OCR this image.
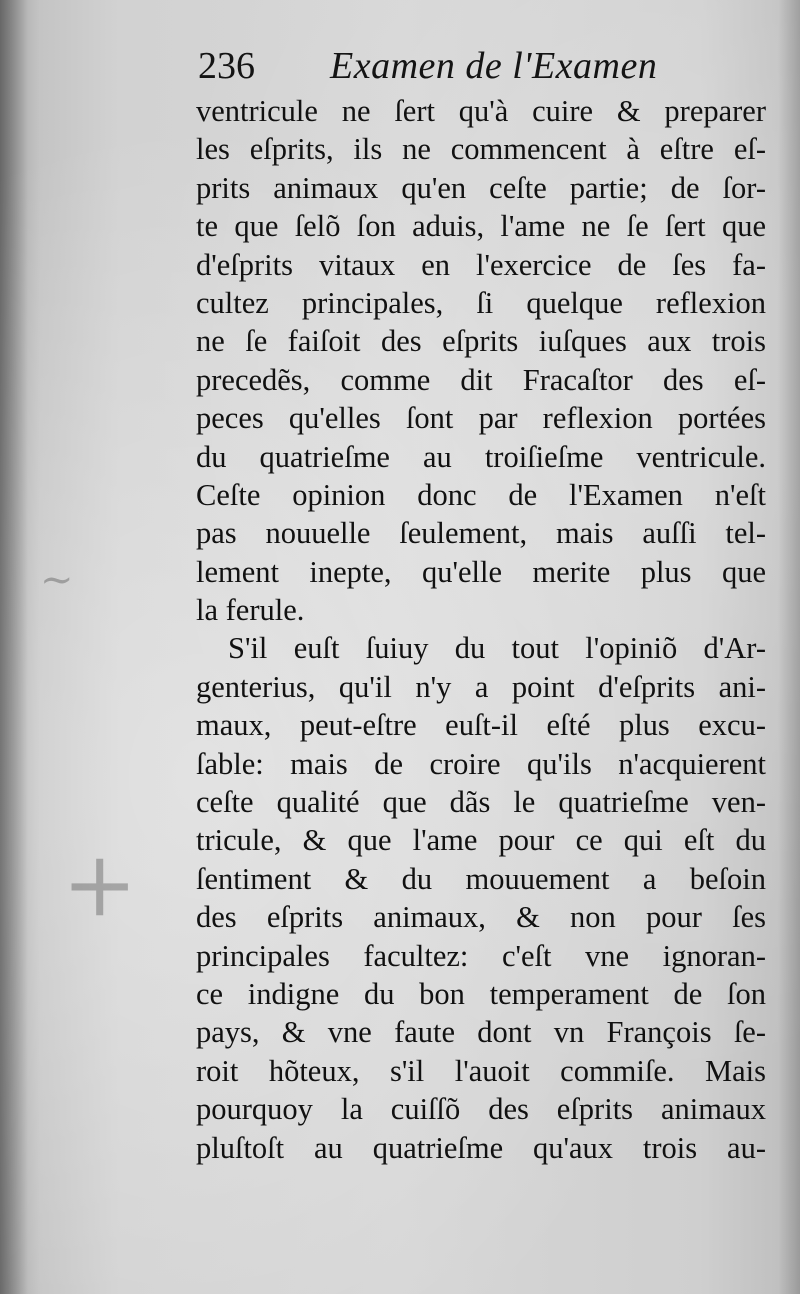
+
~
236 Examen de l'Examen
ventricule ne ſert qu'à cuire & preparer
les eſprits, ils ne commencent à eſtre eſ-
prits animaux qu'en ceſte partie; de ſor-
te que ſelõ ſon aduis, l'ame ne ſe ſert que
d'eſprits vitaux en l'exercice de ſes fa-
cultez principales, ſi quelque reflexion
ne ſe faiſoit des eſprits iuſques aux trois
precedẽs, comme dit Fracaſtor des eſ-
peces qu'elles ſont par reflexion portées
du quatrieſme au troiſieſme ventricule.
Ceſte opinion donc de l'Examen n'eſt
pas nouuelle ſeulement, mais auſſi tel-
lement inepte, qu'elle merite plus que
la ferule.
S'il euſt ſuiuy du tout l'opiniõ d'Ar-
genterius, qu'il n'y a point d'eſprits ani-
maux, peut-eſtre euſt-il eſté plus excu-
ſable: mais de croire qu'ils n'acquierent
ceſte qualité que dãs le quatrieſme ven-
tricule, & que l'ame pour ce qui eſt du
ſentiment & du mouuement a beſoin
des eſprits animaux, & non pour ſes
principales facultez: c'eſt vne ignoran-
ce indigne du bon temperament de ſon
pays, & vne faute dont vn François ſe-
roit hõteux, s'il l'auoit commiſe. Mais
pourquoy la cuiſſõ des eſprits animaux
pluſtoſt au quatrieſme qu'aux trois au-
